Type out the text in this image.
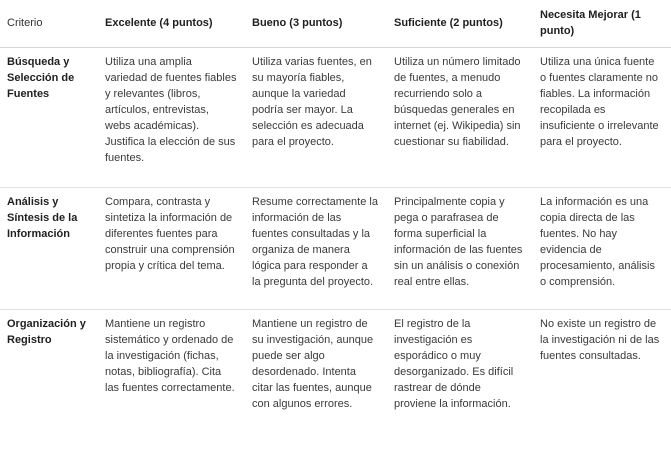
Criterio	Excelente (4 puntos)	Bueno (3 puntos)	Suficiente (2 puntos)	Necesita Mejorar (1 punto)
Búsqueda y Selección de Fuentes	Utiliza una amplia variedad de fuentes fiables y relevantes (libros, artículos, entrevistas, webs académicas). Justifica la elección de sus fuentes.	Utiliza varias fuentes, en su mayoría fiables, aunque la variedad podría ser mayor. La selección es adecuada para el proyecto.	Utiliza un número limitado de fuentes, a menudo recurriendo solo a búsquedas generales en internet (ej. Wikipedia) sin cuestionar su fiabilidad.	Utiliza una única fuente o fuentes claramente no fiables. La información recopilada es insuficiente o irrelevante para el proyecto.
Análisis y Síntesis de la Información	Compara, contrasta y sintetiza la información de diferentes fuentes para construir una comprensión propia y crítica del tema.	Resume correctamente la información de las fuentes consultadas y la organiza de manera lógica para responder a la pregunta del proyecto.	Principalmente copia y pega o parafrasea de forma superficial la información de las fuentes sin un análisis o conexión real entre ellas.	La información es una copia directa de las fuentes. No hay evidencia de procesamiento, análisis o comprensión.
Organización y Registro	Mantiene un registro sistemático y ordenado de la investigación (fichas, notas, bibliografía). Cita las fuentes correctamente.	Mantiene un registro de su investigación, aunque puede ser algo desordenado. Intenta citar las fuentes, aunque con algunos errores.	El registro de la investigación es esporádico o muy desorganizado. Es difícil rastrear de dónde proviene la información.	No existe un registro de la investigación ni de las fuentes consultadas.
